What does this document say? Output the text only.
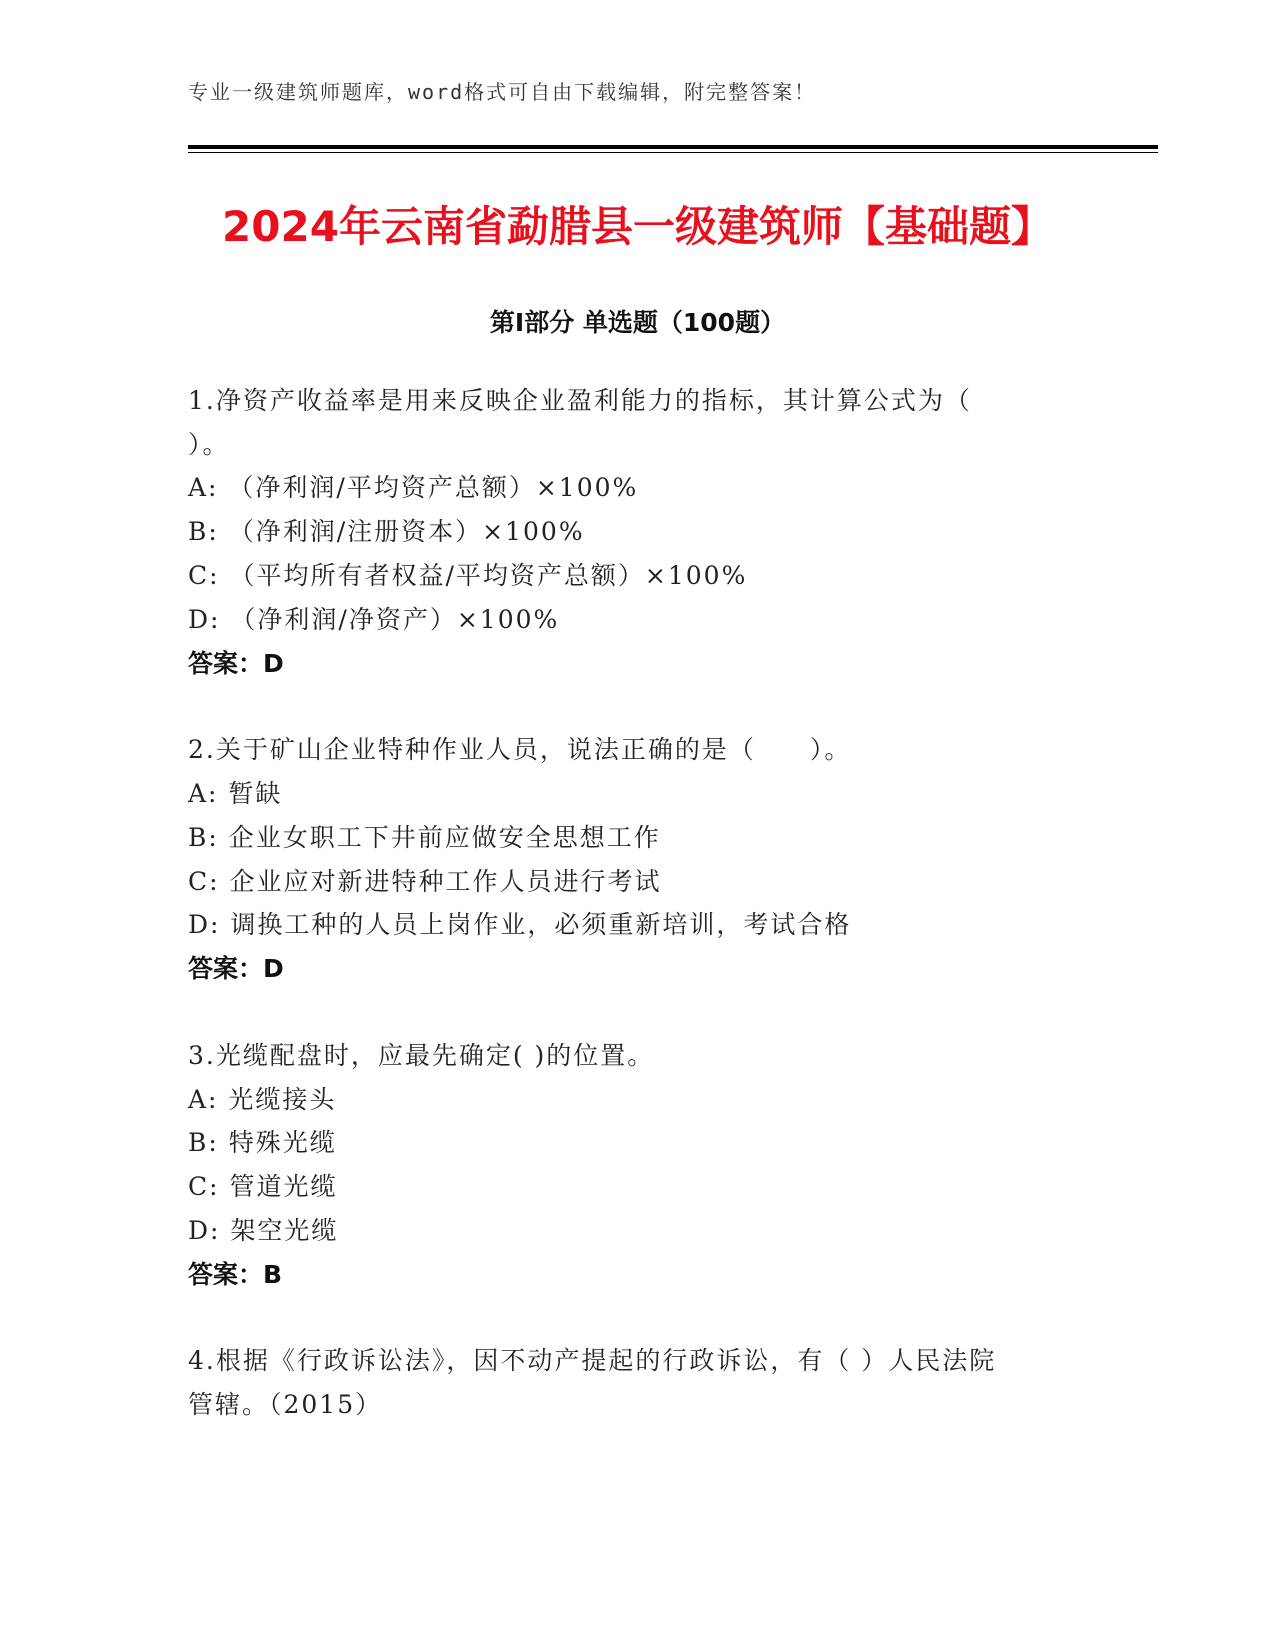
专业一级建筑师题库，word格式可自由下载编辑，附完整答案！
2024年云南省勐腊县一级建筑师【基础题】
第I部分 单选题（100题）
1.净资产收益率是用来反映企业盈利能力的指标，其计算公式为（
）。
A: （净利润/平均资产总额）×100%
B: （净利润/注册资本）×100%
C: （平均所有者权益/平均资产总额）×100%
D: （净利润/净资产）×100%
答案：D
2.关于矿山企业特种作业人员，说法正确的是（　　）。
A: 暂缺
B: 企业女职工下井前应做安全思想工作
C: 企业应对新进特种工作人员进行考试
D: 调换工种的人员上岗作业，必须重新培训，考试合格
答案：D
3.光缆配盘时，应最先确定( )的位置。
A: 光缆接头
B: 特殊光缆
C: 管道光缆
D: 架空光缆
答案：B
4.根据《行政诉讼法》，因不动产提起的行政诉讼，有（ ）人民法院
管辖。（2015）
